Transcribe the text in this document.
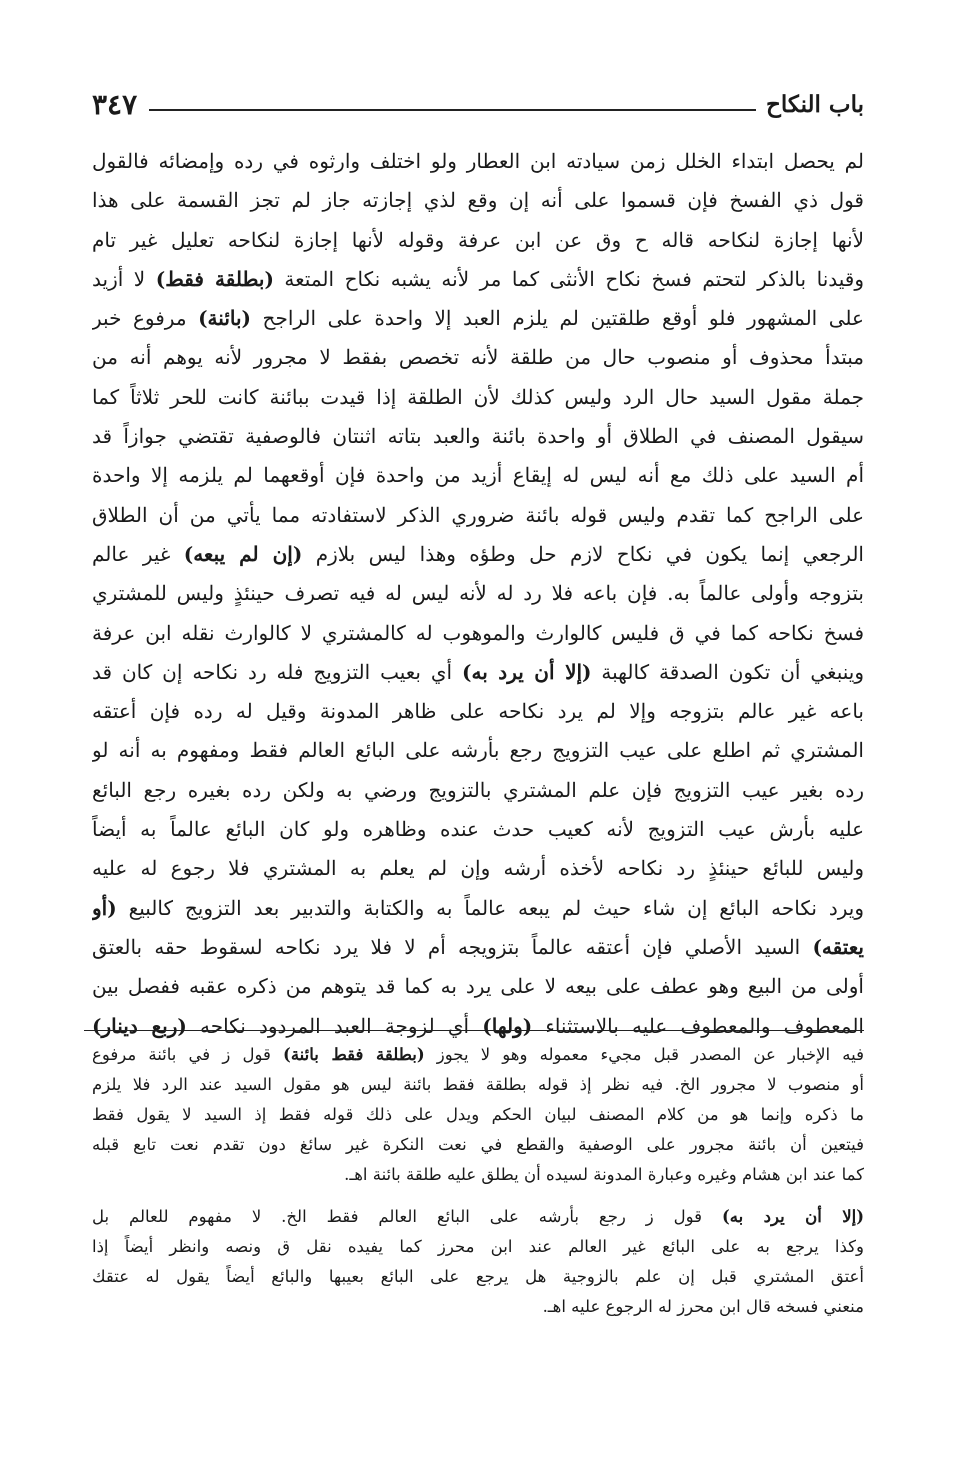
باب النكاح
٣٤٧
لم يحصل ابتداء الخلل زمن سيادته ابن العطار ولو اختلف وارثوه في رده وإمضائه فالقول
قول ذي الفسخ فإن قسموا على أنه إن وقع لذي إجازته جاز لم تجز القسمة على هذا
لأنها إجازة لنكاحه قاله ح وق عن ابن عرفة وقوله لأنها إجازة لنكاحه تعليل غير تام
وقيدنا بالذكر لتحتم فسخ نكاح الأنثى كما مر لأنه يشبه نكاح المتعة (بطلقة فقط) لا أزيد
على المشهور فلو أوقع طلقتين لم يلزم العبد إلا واحدة على الراجح (بائنة) مرفوع خبر
مبتدأ محذوف أو منصوب حال من طلقة لأنه تخصص بفقط لا مجرور لأنه يوهم أنه من
جملة مقول السيد حال الرد وليس كذلك لأن الطلقة إذا قيدت ببائنة كانت للحر ثلاثاً كما
سيقول المصنف في الطلاق أو واحدة بائنة والعبد بتاته اثنتان فالوصفية تقتضي جوازاً قد
أم السيد على ذلك مع أنه ليس له إيقاع أزيد من واحدة فإن أوقعهما لم يلزمه إلا واحدة
على الراجح كما تقدم وليس قوله بائنة ضروري الذكر لاستفادته مما يأتي من أن الطلاق
الرجعي إنما يكون في نكاح لازم حل وطؤه وهذا ليس بلازم (إن لم يبعه) غير عالم
بتزوجه وأولى عالماً به. فإن باعه فلا رد له لأنه ليس له فيه تصرف حينئذٍ وليس للمشتري
فسخ نكاحه كما في ق فليس كالوارث والموهوب له كالمشتري لا كالوارث نقله ابن عرفة
وينبغي أن تكون الصدقة كالهبة (إلا أن يرد به) أي بعيب التزويج فله رد نكاحه إن كان قد
باعه غير عالم بتزوجه وإلا لم يرد نكاحه على ظاهر المدونة وقيل له رده فإن أعتقه
المشتري ثم اطلع على عيب التزويج رجع بأرشه على البائع العالم فقط ومفهوم به أنه لو
رده بغير عيب التزويج فإن علم المشتري بالتزويج ورضي به ولكن رده بغيره رجع البائع
عليه بأرش عيب التزويج لأنه كعيب حدث عنده وظاهره ولو كان البائع عالماً به أيضاً
وليس للبائع حينئذٍ رد نكاحه لأخذه أرشه وإن لم يعلم به المشتري فلا رجوع له عليه
ويرد نكاحه البائع إن شاء حيث لم يبعه عالماً به والكتابة والتدبير بعد التزويج كالبيع (أو
يعتقه) السيد الأصلي فإن أعتقه عالماً بتزويجه أم لا فلا يرد نكاحه لسقوط حقه بالعتق
أولى من البيع وهو عطف على بيعه لا على يرد به كما قد يتوهم من ذكره عقبه ففصل بين
المعطوف والمعطوف عليه بالاستثناء (ولها) أي لزوجة العبد المردود نكاحه (ربع دينار)
فيه الإخبار عن المصدر قبل مجيء معموله وهو لا يجوز (بطلقة فقط بائنة) قول ز في بائنة مرفوع
أو منصوب لا مجرور الخ. فيه نظر إذ قوله بطلقة فقط بائنة ليس هو مقول السيد عند الرد فلا يلزم
ما ذكره وإنما هو من كلام المصنف لبيان الحكم ويدل على ذلك قوله فقط إذ السيد لا يقول فقط
فيتعين أن بائنة مجرور على الوصفية والقطع في نعت النكرة غير سائغ دون تقدم نعت تابع قبله
كما عند ابن هشام وغيره وعبارة المدونة لسيده أن يطلق عليه طلقة بائنة اهـ.
(إلا أن يرد به) قول ز رجع بأرشه على البائع العالم فقط الخ. لا مفهوم للعالم بل
وكذا يرجع به على البائع غير العالم عند ابن محرز كما يفيده نقل ق ونصه وانظر أيضاً إذا
أعتق المشتري قبل إن علم بالزوجية هل يرجع على البائع بعيبها والبائع أيضاً يقول له عتقك
منعني فسخه قال ابن محرز له الرجوع عليه اهـ.
